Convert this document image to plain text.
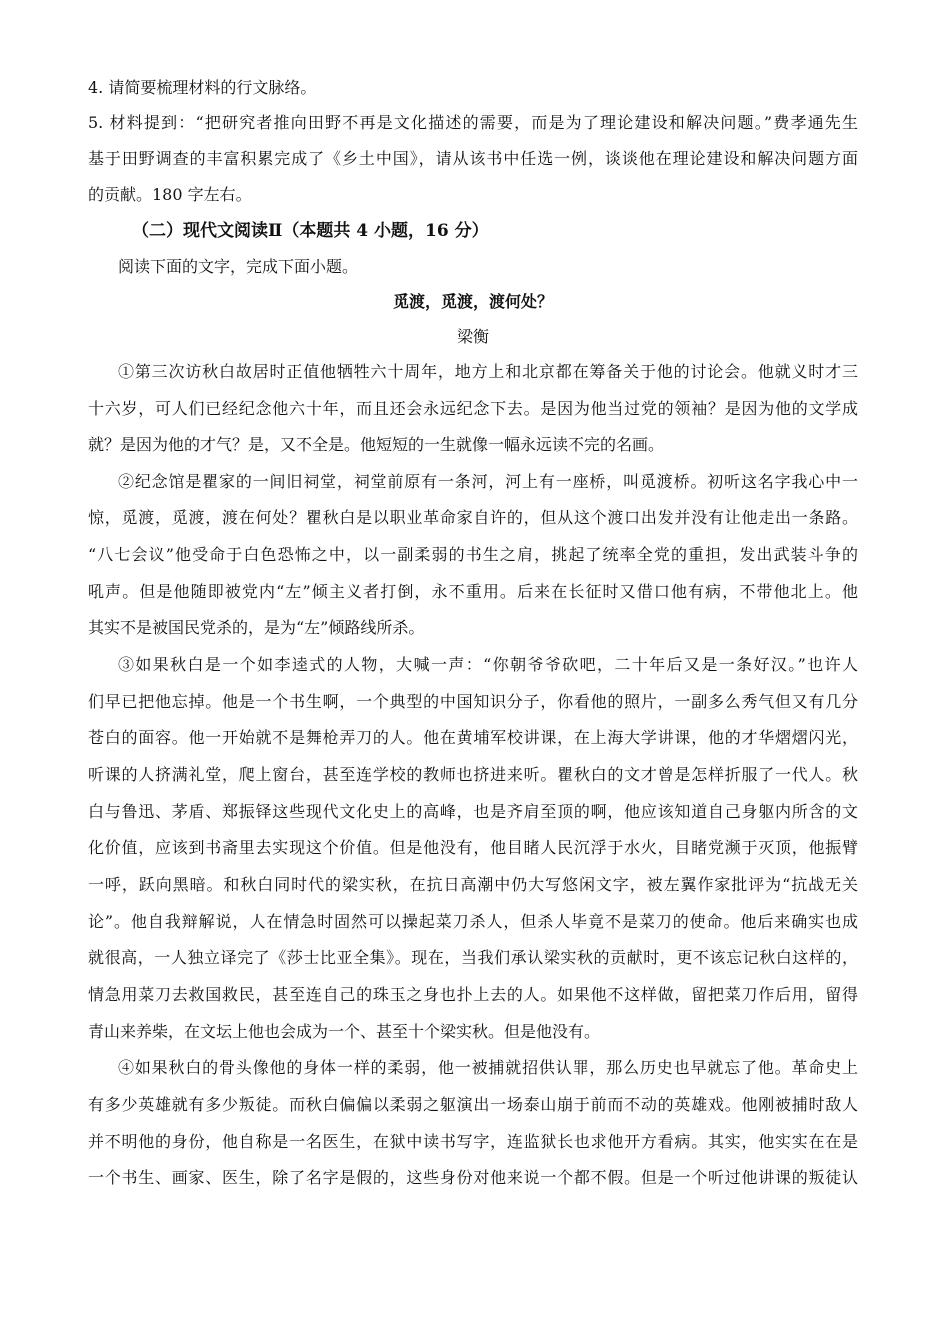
4. 请简要梳理材料的行文脉络。
5. 材料提到：“把研究者推向田野不再是文化描述的需要，而是为了理论建设和解决问题。”费孝通先生
基于田野调查的丰富积累完成了《乡土中国》，请从该书中任选一例，谈谈他在理论建设和解决问题方面
的贡献。180 字左右。
（二）现代文阅读Ⅱ（本题共 4 小题，16 分）
阅读下面的文字，完成下面小题。
觅渡，觅渡，渡何处？
梁衡
①第三次访秋白故居时正值他牺牲六十周年，地方上和北京都在筹备关于他的讨论会。他就义时才三
十六岁，可人们已经纪念他六十年，而且还会永远纪念下去。是因为他当过党的领袖？是因为他的文学成
就？是因为他的才气？是，又不全是。他短短的一生就像一幅永远读不完的名画。
②纪念馆是瞿家的一间旧祠堂，祠堂前原有一条河，河上有一座桥，叫觅渡桥。初听这名字我心中一
惊，觅渡，觅渡，渡在何处？瞿秋白是以职业革命家自许的，但从这个渡口出发并没有让他走出一条路。
“八七会议”他受命于白色恐怖之中，以一副柔弱的书生之肩，挑起了统率全党的重担，发出武装斗争的
吼声。但是他随即被党内“左”倾主义者打倒，永不重用。后来在长征时又借口他有病，不带他北上。他
其实不是被国民党杀的，是为“左”倾路线所杀。
③如果秋白是一个如李逵式的人物，大喊一声：“你朝爷爷砍吧，二十年后又是一条好汉。”也许人
们早已把他忘掉。他是一个书生啊，一个典型的中国知识分子，你看他的照片，一副多么秀气但又有几分
苍白的面容。他一开始就不是舞枪弄刀的人。他在黄埔军校讲课，在上海大学讲课，他的才华熠熠闪光，
听课的人挤满礼堂，爬上窗台，甚至连学校的教师也挤进来听。瞿秋白的文才曾是怎样折服了一代人。秋
白与鲁迅、茅盾、郑振铎这些现代文化史上的高峰，也是齐肩至顶的啊，他应该知道自己身躯内所含的文
化价值，应该到书斋里去实现这个价值。但是他没有，他目睹人民沉浮于水火，目睹党濒于灭顶，他振臂
一呼，跃向黑暗。和秋白同时代的梁实秋，在抗日高潮中仍大写悠闲文字，被左翼作家批评为“抗战无关
论”。他自我辩解说，人在情急时固然可以操起菜刀杀人，但杀人毕竟不是菜刀的使命。他后来确实也成
就很高，一人独立译完了《莎士比亚全集》。现在，当我们承认梁实秋的贡献时，更不该忘记秋白这样的，
情急用菜刀去救国救民，甚至连自己的珠玉之身也扑上去的人。如果他不这样做，留把菜刀作后用，留得
青山来养柴，在文坛上他也会成为一个、甚至十个梁实秋。但是他没有。
④如果秋白的骨头像他的身体一样的柔弱，他一被捕就招供认罪，那么历史也早就忘了他。革命史上
有多少英雄就有多少叛徒。而秋白偏偏以柔弱之躯演出一场泰山崩于前而不动的英雄戏。他刚被捕时敌人
并不明他的身份，他自称是一名医生，在狱中读书写字，连监狱长也求他开方看病。其实，他实实在在是
一个书生、画家、医生，除了名字是假的，这些身份对他来说一个都不假。但是一个听过他讲课的叛徒认
